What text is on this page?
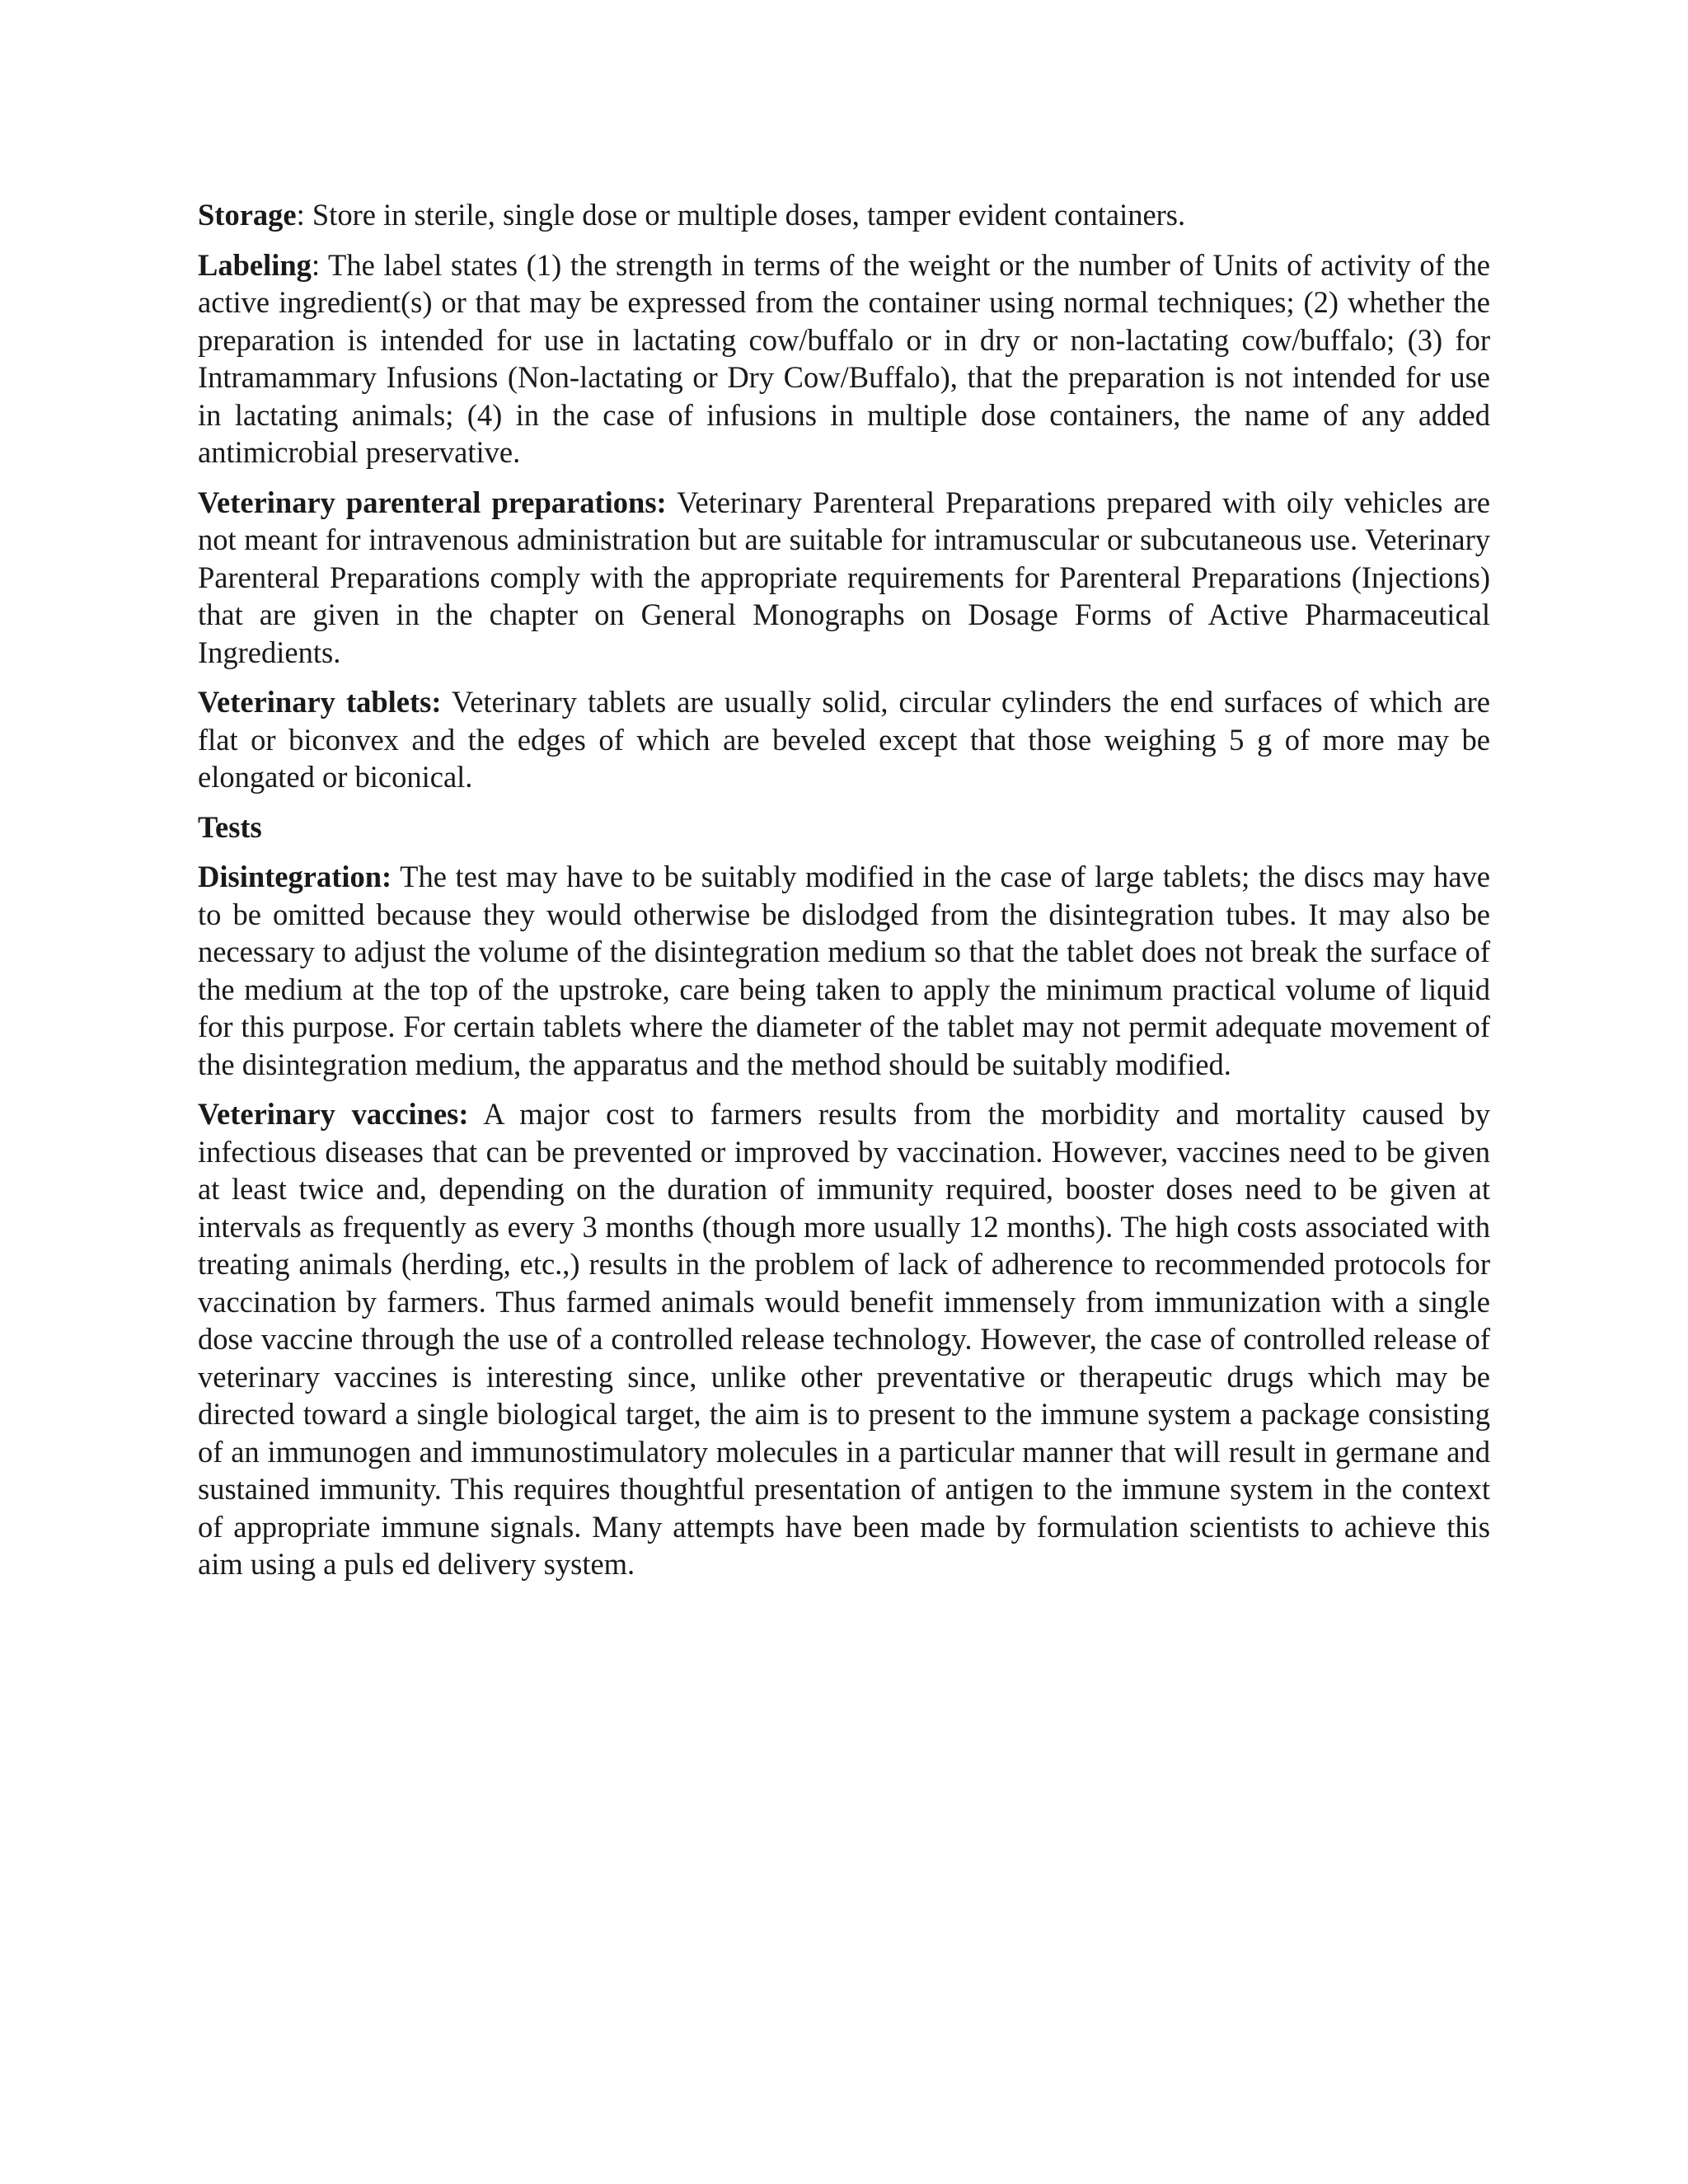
Storage: Store in sterile, single dose or multiple doses, tamper evident containers.

Labeling: The label states (1) the strength in terms of the weight or the number of Units of activity of the active ingredient(s) or that may be expressed from the container using normal techniques; (2) whether the preparation is intended for use in lactating cow/buffalo or in dry or non-lactating cow/buffalo; (3) for Intramammary Infusions (Non-lactating or Dry Cow/Buffalo), that the preparation is not intended for use in lactating animals; (4) in the case of infusions in multiple dose containers, the name of any added antimicrobial preservative.

Veterinary parenteral preparations: Veterinary Parenteral Preparations prepared with oily vehicles are not meant for intravenous administration but are suitable for intramuscular or subcutaneous use. Veterinary Parenteral Preparations comply with the appropriate requirements for Parenteral Preparations (Injections) that are given in the chapter on General Monographs on Dosage Forms of Active Pharmaceutical Ingredients.

Veterinary tablets: Veterinary tablets are usually solid, circular cylinders the end surfaces of which are flat or biconvex and the edges of which are beveled except that those weighing 5 g of more may be elongated or biconical.

Tests

Disintegration: The test may have to be suitably modified in the case of large tablets; the discs may have to be omitted because they would otherwise be dislodged from the disintegration tubes. It may also be necessary to adjust the volume of the disintegration medium so that the tablet does not break the surface of the medium at the top of the upstroke, care being taken to apply the minimum practical volume of liquid for this purpose. For certain tablets where the diameter of the tablet may not permit adequate movement of the disintegration medium, the apparatus and the method should be suitably modified.

Veterinary vaccines: A major cost to farmers results from the morbidity and mortality caused by infectious diseases that can be prevented or improved by vaccination. However, vaccines need to be given at least twice and, depending on the duration of immunity required, booster doses need to be given at intervals as frequently as every 3 months (though more usually 12 months). The high costs associated with treating animals (herding, etc.,) results in the problem of lack of adherence to recommended protocols for vaccination by farmers. Thus farmed animals would benefit immensely from immunization with a single dose vaccine through the use of a controlled release technology. However, the case of controlled release of veterinary vaccines is interesting since, unlike other preventative or therapeutic drugs which may be directed toward a single biological target, the aim is to present to the immune system a package consisting of an immunogen and immunostimulatory molecules in a particular manner that will result in germane and sustained immunity. This requires thoughtful presentation of antigen to the immune system in the context of appropriate immune signals. Many attempts have been made by formulation scientists to achieve this aim using a puls ed delivery system.
